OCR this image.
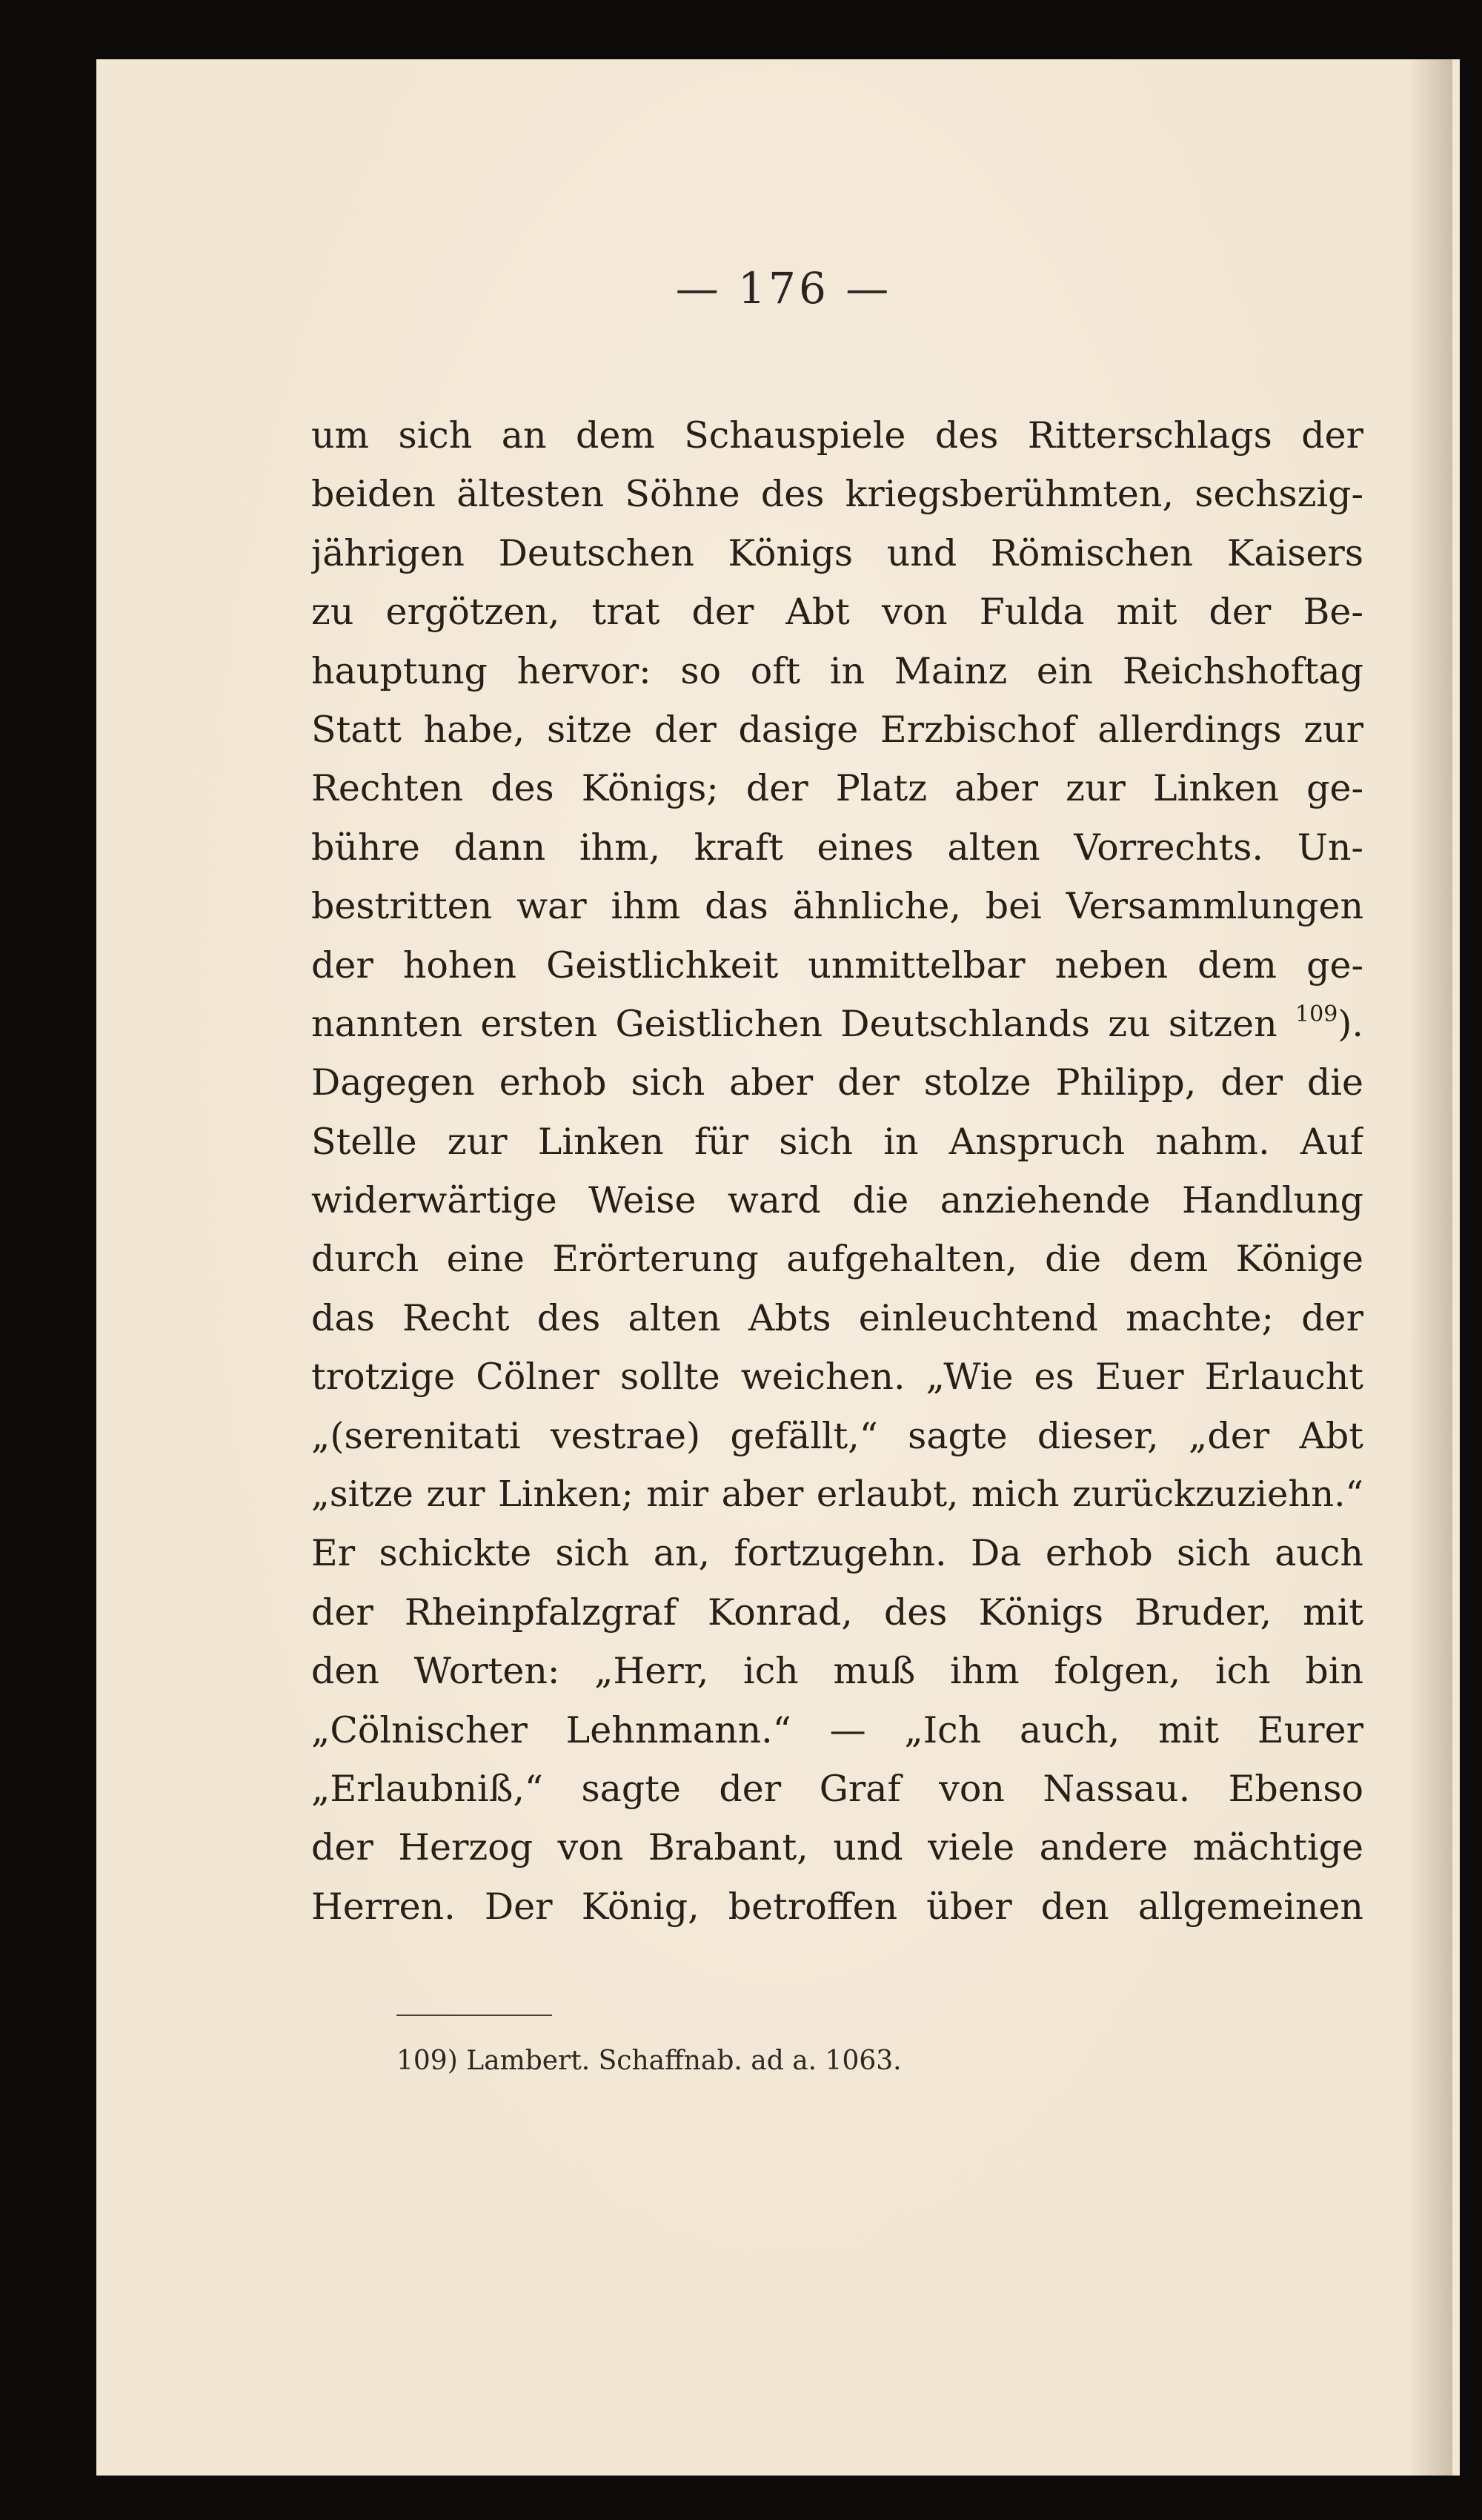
— 176 —
um sich an dem Schauspiele des Ritterschlags der
beiden ältesten Söhne des kriegsberühmten, sechszig-
jährigen Deutschen Königs und Römischen Kaisers
zu ergötzen, trat der Abt von Fulda mit der Be-
hauptung hervor: so oft in Mainz ein Reichshoftag
Statt habe, sitze der dasige Erzbischof allerdings zur
Rechten des Königs; der Platz aber zur Linken ge-
bühre dann ihm, kraft eines alten Vorrechts. Un-
bestritten war ihm das ähnliche, bei Versammlungen
der hohen Geistlichkeit unmittelbar neben dem ge-
nannten ersten Geistlichen Deutschlands zu sitzen $^{109}$).
Dagegen erhob sich aber der stolze Philipp, der die
Stelle zur Linken für sich in Anspruch nahm. Auf
widerwärtige Weise ward die anziehende Handlung
durch eine Erörterung aufgehalten, die dem Könige
das Recht des alten Abts einleuchtend machte; der
trotzige Cölner sollte weichen. „Wie es Euer Erlaucht
„(serenitati vestrae) gefällt,“ sagte dieser, „der Abt
„sitze zur Linken; mir aber erlaubt, mich zurückzuziehn.“
Er schickte sich an, fortzugehn. Da erhob sich auch
der Rheinpfalzgraf Konrad, des Königs Bruder, mit
den Worten: „Herr, ich muß ihm folgen, ich bin
„Cölnischer Lehnmann.“ — „Ich auch, mit Eurer
„Erlaubniß,“ sagte der Graf von Nassau. Ebenso
der Herzog von Brabant, und viele andere mächtige
Herren. Der König, betroffen über den allgemeinen
109) Lambert. Schaffnab. ad a. 1063.
